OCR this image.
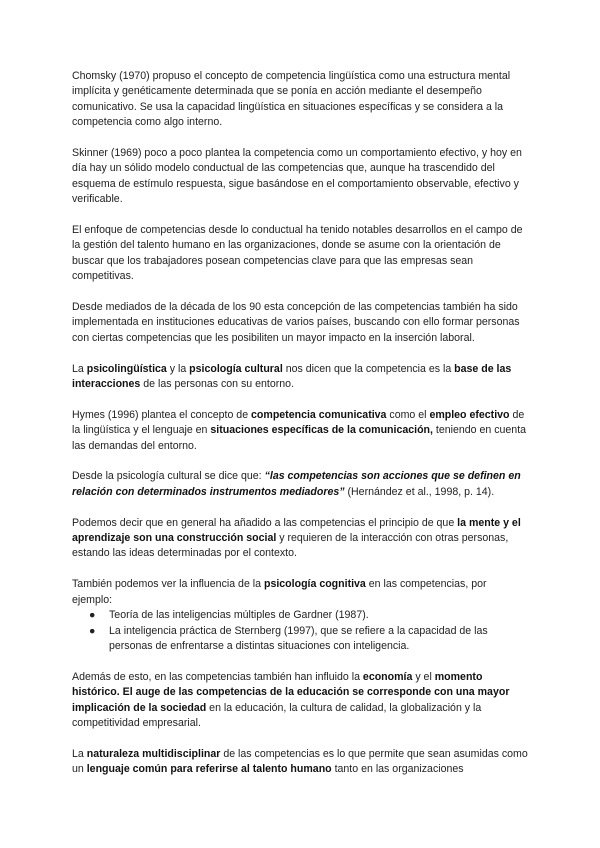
Chomsky (1970) propuso el concepto de competencia lingüística como una estructura mental implícita y genéticamente determinada que se ponía en acción mediante el desempeño comunicativo. Se usa la capacidad lingüística en situaciones específicas y se considera a la competencia como algo interno.

Skinner (1969) poco a poco plantea la competencia como un comportamiento efectivo, y hoy en día hay un sólido modelo conductual de las competencias que, aunque ha trascendido del esquema de estímulo respuesta, sigue basándose en el comportamiento observable, efectivo y verificable.

El enfoque de competencias desde lo conductual ha tenido notables desarrollos en el campo de la gestión del talento humano en las organizaciones, donde se asume con la orientación de buscar que los trabajadores posean competencias clave para que las empresas sean competitivas.

Desde mediados de la década de los 90 esta concepción de las competencias también ha sido implementada en instituciones educativas de varios países, buscando con ello formar personas con ciertas competencias que les posibiliten un mayor impacto en la inserción laboral.

La psicolingüística y la psicología cultural nos dicen que la competencia es la base de las interacciones de las personas con su entorno.

Hymes (1996) plantea el concepto de competencia comunicativa como el empleo efectivo de la lingüística y el lenguaje en situaciones específicas de la comunicación, teniendo en cuenta las demandas del entorno.

Desde la psicología cultural se dice que: “las competencias son acciones que se definen en relación con determinados instrumentos mediadores” (Hernández et al., 1998, p. 14).

Podemos decir que en general ha añadido a las competencias el principio de que la mente y el aprendizaje son una construcción social y requieren de la interacción con otras personas, estando las ideas determinadas por el contexto.

También podemos ver la influencia de la psicología cognitiva en las competencias, por ejemplo:

● Teoría de las inteligencias múltiples de Gardner (1987).
● La inteligencia práctica de Sternberg (1997), que se refiere a la capacidad de las personas de enfrentarse a distintas situaciones con inteligencia.

Además de esto, en las competencias también han influido la economía y el momento histórico. El auge de las competencias de la educación se corresponde con una mayor implicación de la sociedad en la educación, la cultura de calidad, la globalización y la competitividad empresarial.

La naturaleza multidisciplinar de las competencias es lo que permite que sean asumidas como un lenguaje común para referirse al talento humano tanto en las organizaciones
